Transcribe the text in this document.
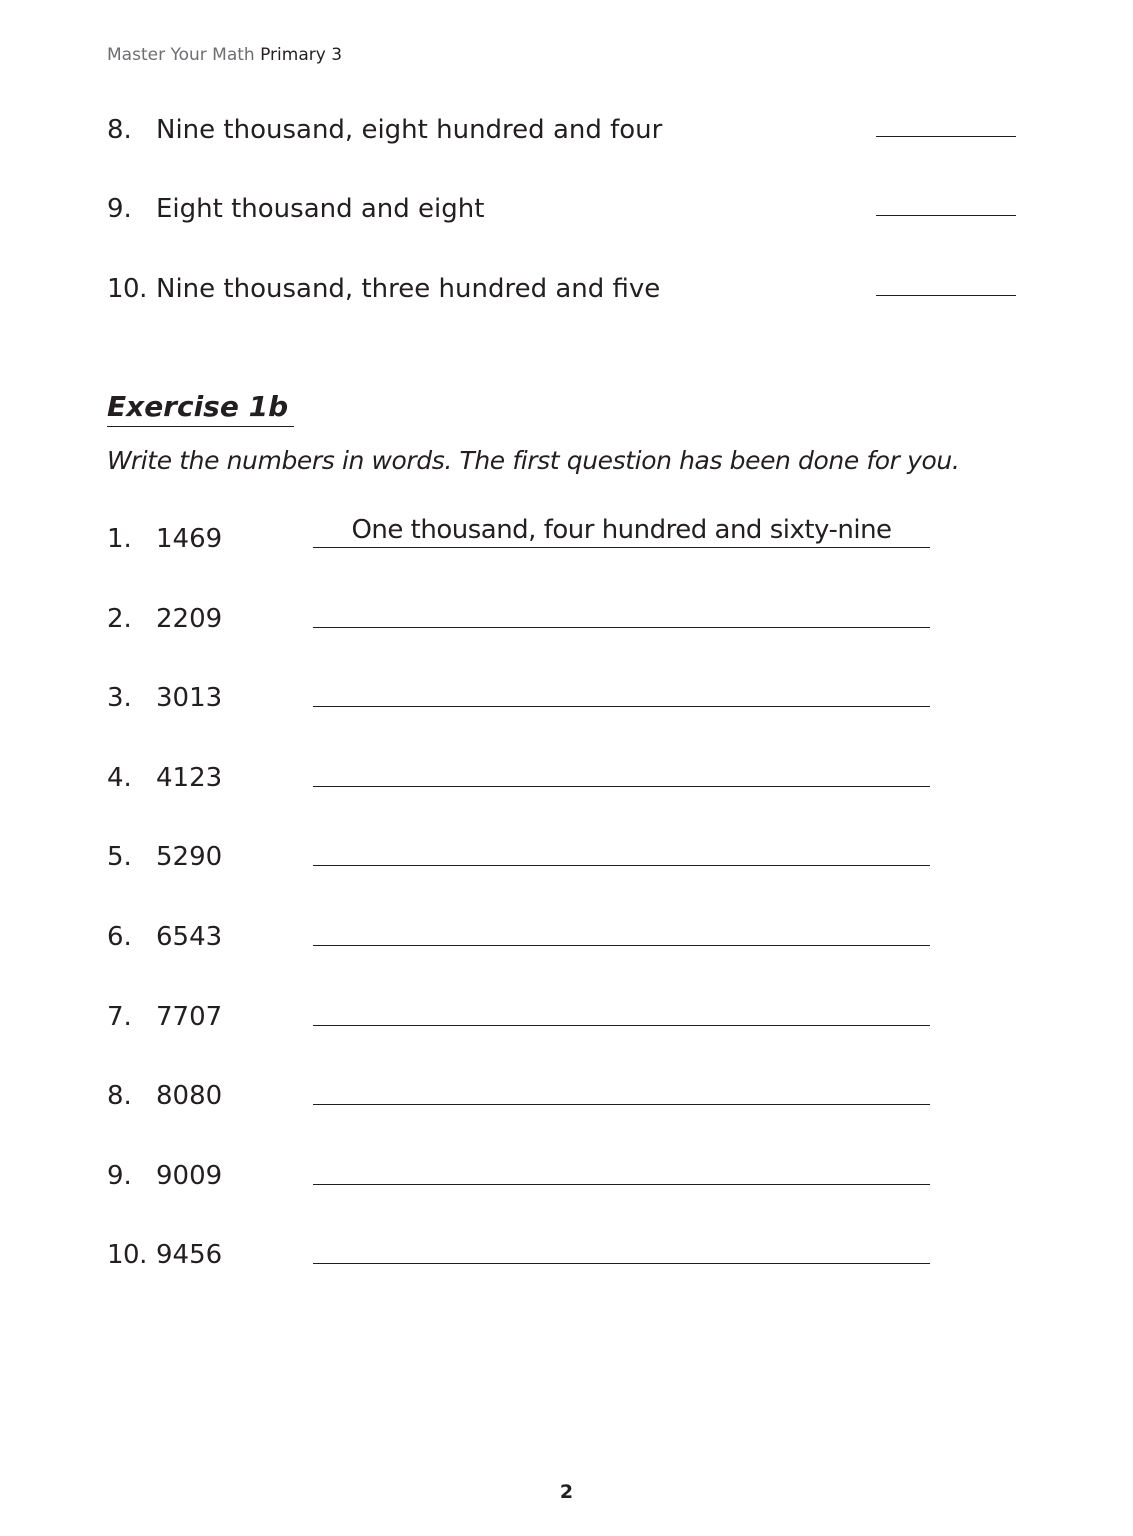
Master Your Math Primary 3
8. Nine thousand, eight hundred and four
9. Eight thousand and eight
10. Nine thousand, three hundred and five
Exercise 1b
Write the numbers in words. The first question has been done for you.
1. 1469	One thousand, four hundred and sixty-nine
2. 2209
3. 3013
4. 4123
5. 5290
6. 6543
7. 7707
8. 8080
9. 9009
10. 9456
2
